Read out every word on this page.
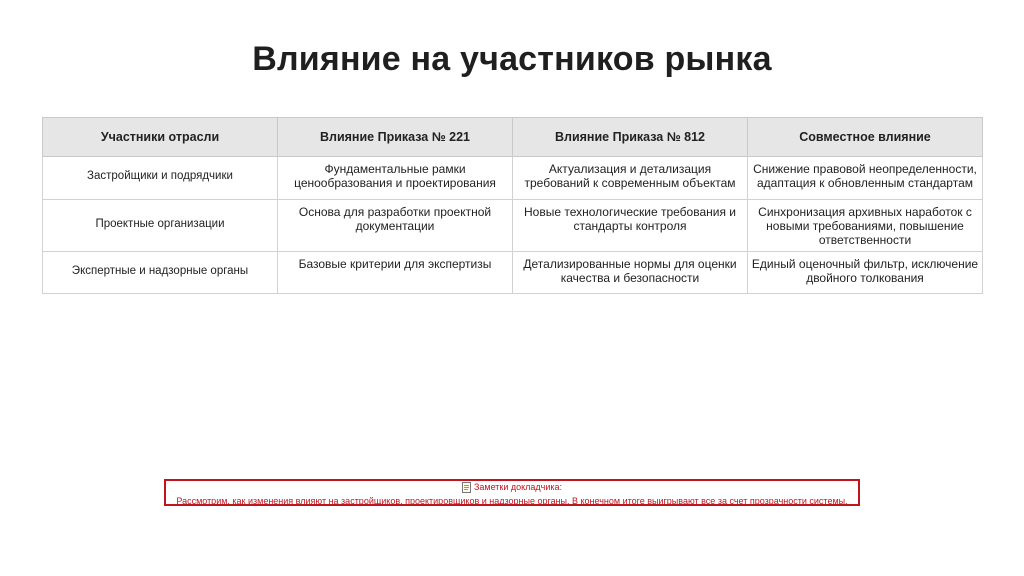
Влияние на участников рынка
Участники отрасли	Влияние Приказа № 221	Влияние Приказа № 812	Совместное влияние
Застройщики и подрядчики	Фундаментальные рамки ценообразования и проектирования	Актуализация и детализация требований к современным объектам	Снижение правовой неопределенности, адаптация к обновленным стандартам
Проектные организации	Основа для разработки проектной документации	Новые технологические требования и стандарты контроля	Синхронизация архивных наработок с новыми требованиями, повышение ответственности
Экспертные и надзорные органы	Базовые критерии для экспертизы	Детализированные нормы для оценки качества и безопасности	Единый оценочный фильтр, исключение двойного толкования
Заметки докладчика:
Рассмотрим, как изменения влияют на застройщиков, проектировщиков и надзорные органы. В конечном итоге выигрывают все за счет прозрачности системы.
